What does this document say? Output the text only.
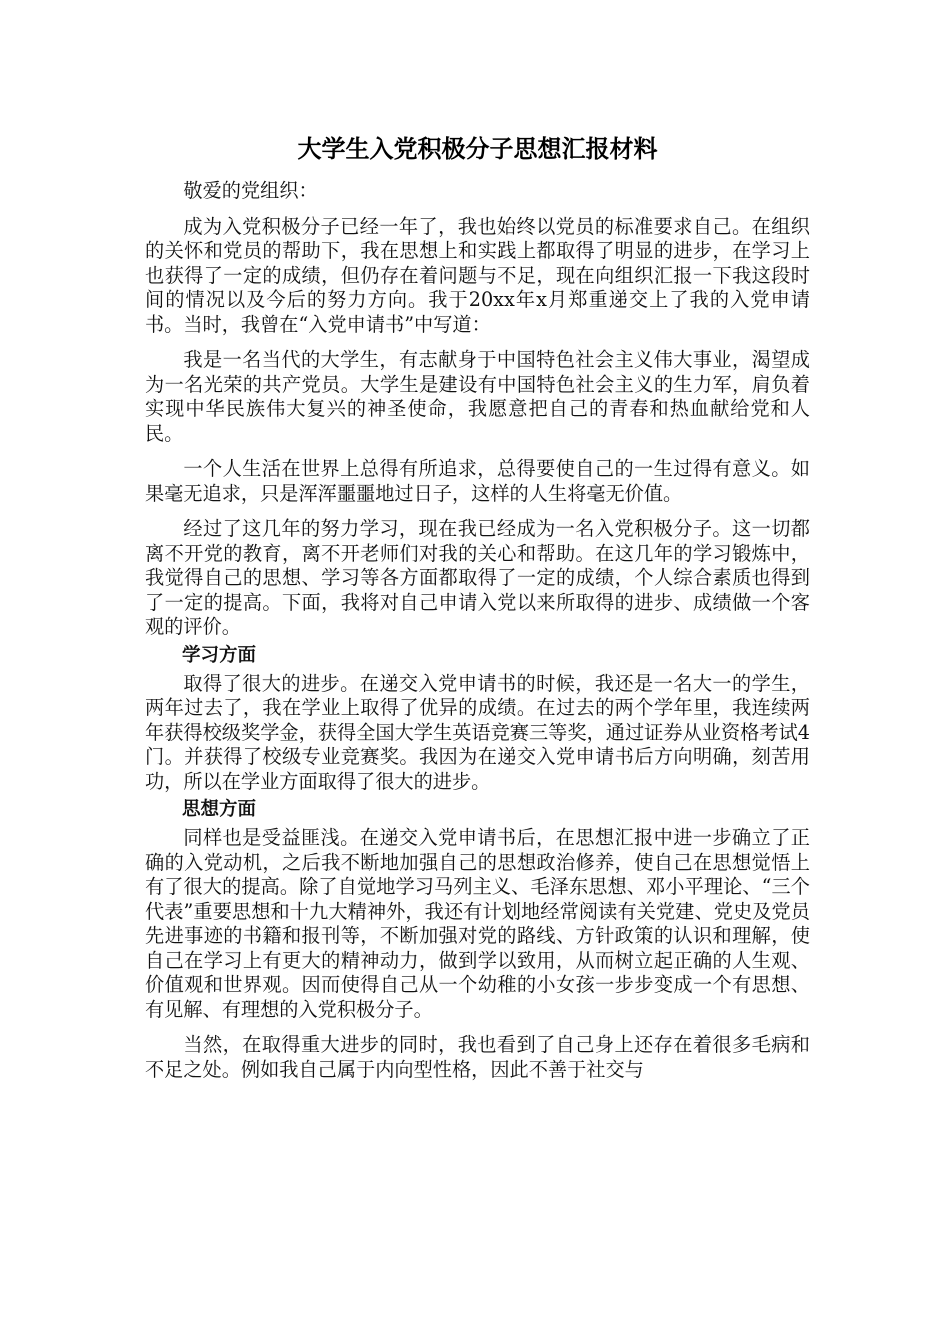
大学生入党积极分子思想汇报材料

敬爱的党组织：

成为入党积极分子已经一年了，我也始终以党员的标准要求自己。在组织的关怀和党员的帮助下，我在思想上和实践上都取得了明显的进步，在学习上也获得了一定的成绩，但仍存在着问题与不足，现在向组织汇报一下我这段时间的情况以及今后的努力方向。我于20xx年x月郑重递交上了我的入党申请书。当时，我曾在“入党申请书”中写道：

我是一名当代的大学生，有志献身于中国特色社会主义伟大事业，渴望成为一名光荣的共产党员。大学生是建设有中国特色社会主义的生力军，肩负着实现中华民族伟大复兴的神圣使命，我愿意把自己的青春和热血献给党和人民。

一个人生活在世界上总得有所追求，总得要使自己的一生过得有意义。如果毫无追求，只是浑浑噩噩地过日子，这样的人生将毫无价值。

经过了这几年的努力学习，现在我已经成为一名入党积极分子。这一切都离不开党的教育，离不开老师们对我的关心和帮助。在这几年的学习锻炼中，我觉得自己的思想、学习等各方面都取得了一定的成绩，个人综合素质也得到了一定的提高。下面，我将对自己申请入党以来所取得的进步、成绩做一个客观的评价。

学习方面

取得了很大的进步。在递交入党申请书的时候，我还是一名大一的学生，两年过去了，我在学业上取得了优异的成绩。在过去的两个学年里，我连续两年获得校级奖学金，获得全国大学生英语竞赛三等奖，通过证券从业资格考试4门。并获得了校级专业竞赛奖。我因为在递交入党申请书后方向明确，刻苦用功，所以在学业方面取得了很大的进步。

思想方面

同样也是受益匪浅。在递交入党申请书后，在思想汇报中进一步确立了正确的入党动机，之后我不断地加强自己的思想政治修养，使自己在思想觉悟上有了很大的提高。除了自觉地学习马列主义、毛泽东思想、邓小平理论、“三个代表”重要思想和十九大精神外，我还有计划地经常阅读有关党建、党史及党员先进事迹的书籍和报刊等，不断加强对党的路线、方针政策的认识和理解，使自己在学习上有更大的精神动力，做到学以致用，从而树立起正确的人生观、价值观和世界观。因而使得自己从一个幼稚的小女孩一步步变成一个有思想、有见解、有理想的入党积极分子。

当然，在取得重大进步的同时，我也看到了自己身上还存在着很多毛病和不足之处。例如我自己属于内向型性格，因此不善于社交与
